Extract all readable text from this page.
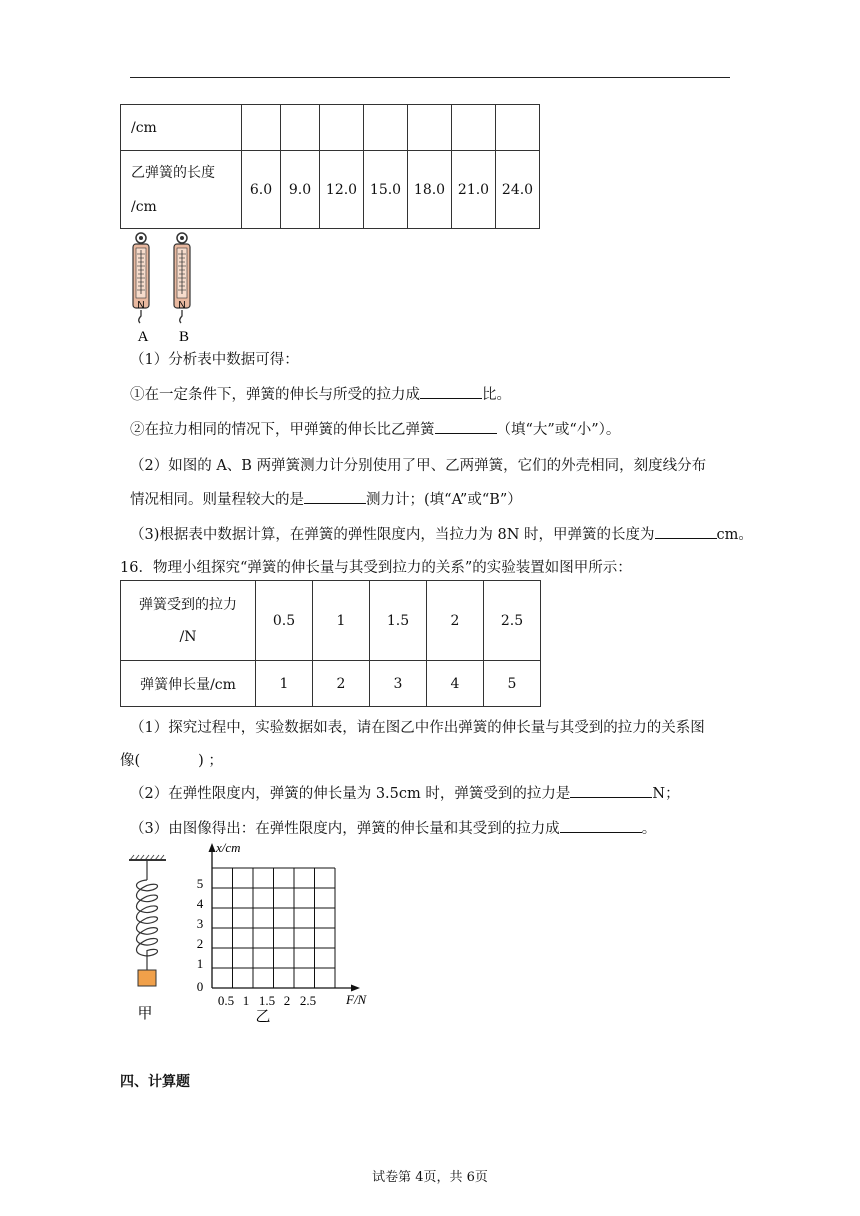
/cm							

乙弹簧的长度
/cm	6.0	9.0	12.0	15.0	18.0	21.0	24.0
N
A
N
B
（1）分析表中数据可得：
①在一定条件下，弹簧的伸长与所受的拉力成	比。
②在拉力相同的情况下，甲弹簧的伸长比乙弹簧	（填“大”或“小”）。
（2）如图的 A、B 两弹簧测力计分别使用了甲、乙两弹簧，它们的外壳相同，刻度线分布
情况相同。则量程较大的是	测力计；(填“A”或“B”）
（3)根据表中数据计算，在弹簧的弹性限度内，当拉力为 8N 时，甲弹簧的长度为	cm。
16．物理小组探究“弹簧的伸长量与其受到拉力的关系”的实验装置如图甲所示：
弹簧受到的拉力
/N	0.5	1	1.5	2	2.5
弹簧伸长量/cm	1	2	3	4	5
（1）探究过程中，实验数据如表，请在图乙中作出弹簧的伸长量与其受到的拉力的关系图
像(　　　　) ；
（2）在弹性限度内，弹簧的伸长量为 3.5cm 时，弹簧受到的拉力是	N；
（3）由图像得出：在弹性限度内，弹簧的伸长量和其受到的拉力成	。
甲
x/cm
F/N
5
4
3
2
1
0
0.5 1 1.5 2 2.5
乙
四、计算题
试卷第 4页，共 6页
